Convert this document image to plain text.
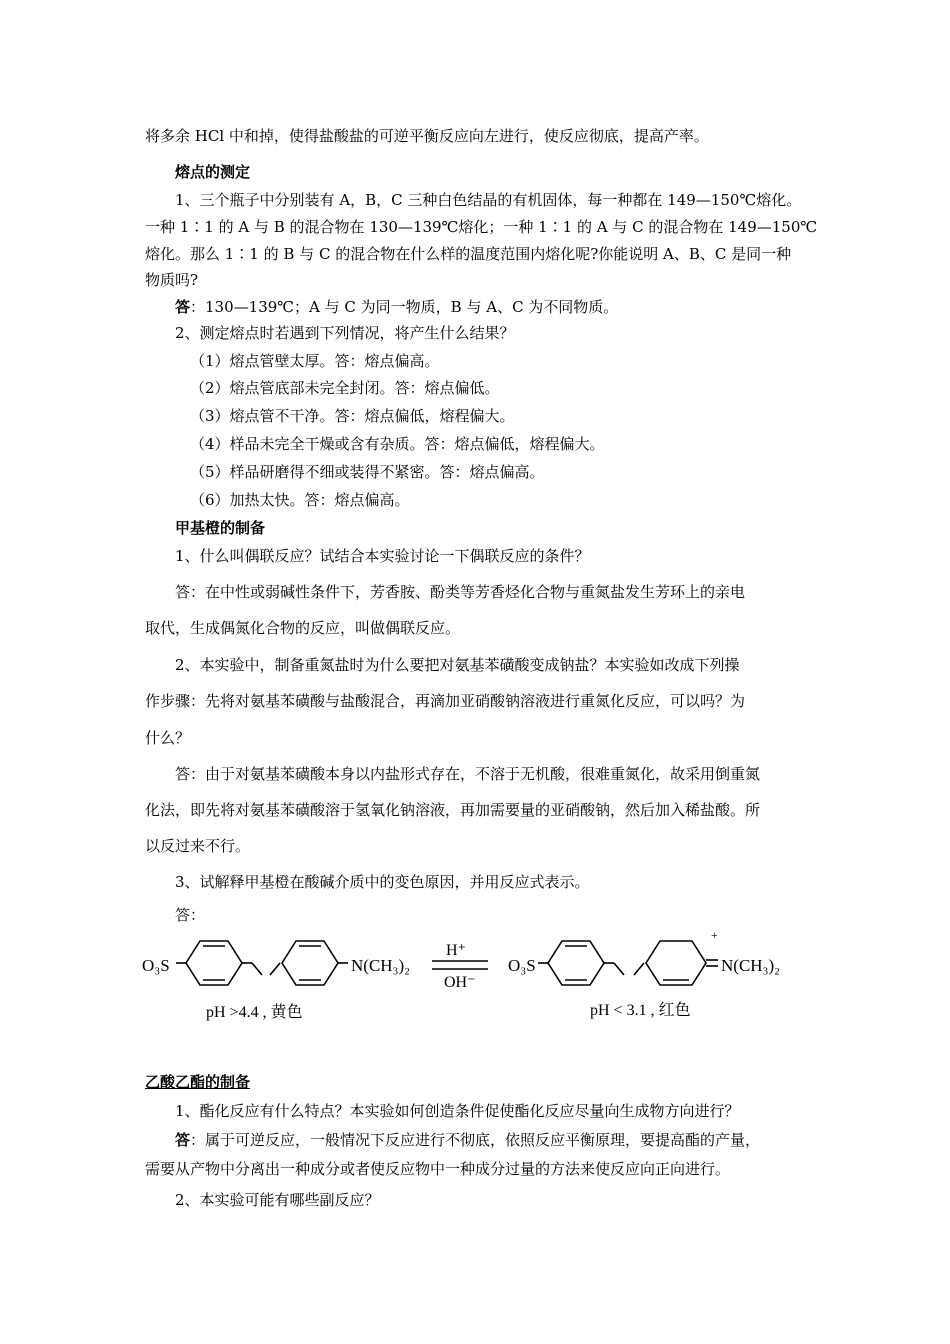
将多余 HCl 中和掉，使得盐酸盐的可逆平衡反应向左进行，使反应彻底，提高产率。
熔点的测定
1、三个瓶子中分别装有 A，B，C 三种白色结晶的有机固体，每一种都在 149—150℃熔化。
一种 1∶1 的 A 与 B 的混合物在 130—139℃熔化；一种 1∶1 的 A 与 C 的混合物在 149—150℃
熔化。那么 1∶1 的 B 与 C 的混合物在什么样的温度范围内熔化呢?你能说明 A、B、C 是同一种
物质吗?
答：130—139℃；A 与 C 为同一物质，B 与 A、C 为不同物质。
2、测定熔点时若遇到下列情况，将产生什么结果？
（1）熔点管壁太厚。答：熔点偏高。
（2）熔点管底部未完全封闭。答：熔点偏低。
（3）熔点管不干净。答：熔点偏低，熔程偏大。
（4）样品未完全干燥或含有杂质。答：熔点偏低，熔程偏大。
（5）样品研磨得不细或装得不紧密。答：熔点偏高。
（6）加热太快。答：熔点偏高。
甲基橙的制备
1、什么叫偶联反应？试结合本实验讨论一下偶联反应的条件？
答：在中性或弱碱性条件下，芳香胺、酚类等芳香烃化合物与重氮盐发生芳环上的亲电
取代，生成偶氮化合物的反应，叫做偶联反应。
2、本实验中，制备重氮盐时为什么要把对氨基苯磺酸变成钠盐？本实验如改成下列操
作步骤：先将对氨基苯磺酸与盐酸混合，再滴加亚硝酸钠溶液进行重氮化反应，可以吗？为
什么？
答：由于对氨基苯磺酸本身以内盐形式存在，不溶于无机酸，很难重氮化，故采用倒重氮
化法，即先将对氨基苯磺酸溶于氢氧化钠溶液，再加需要量的亚硝酸钠，然后加入稀盐酸。所
以反过来不行。
3、试解释甲基橙在酸碱介质中的变色原因，并用反应式表示。
答：
O₃S	N(CH₃)₂
H⁺
OH⁻
O₃S	N(CH₃)₂
+
pH >4.4 , 黄色	pH < 3.1 , 红色
乙酸乙酯的制备
1、酯化反应有什么特点？本实验如何创造条件促使酯化反应尽量向生成物方向进行？
答：属于可逆反应，一般情况下反应进行不彻底，依照反应平衡原理，要提高酯的产量，
需要从产物中分离出一种成分或者使反应物中一种成分过量的方法来使反应向正向进行。
2、本实验可能有哪些副反应？
